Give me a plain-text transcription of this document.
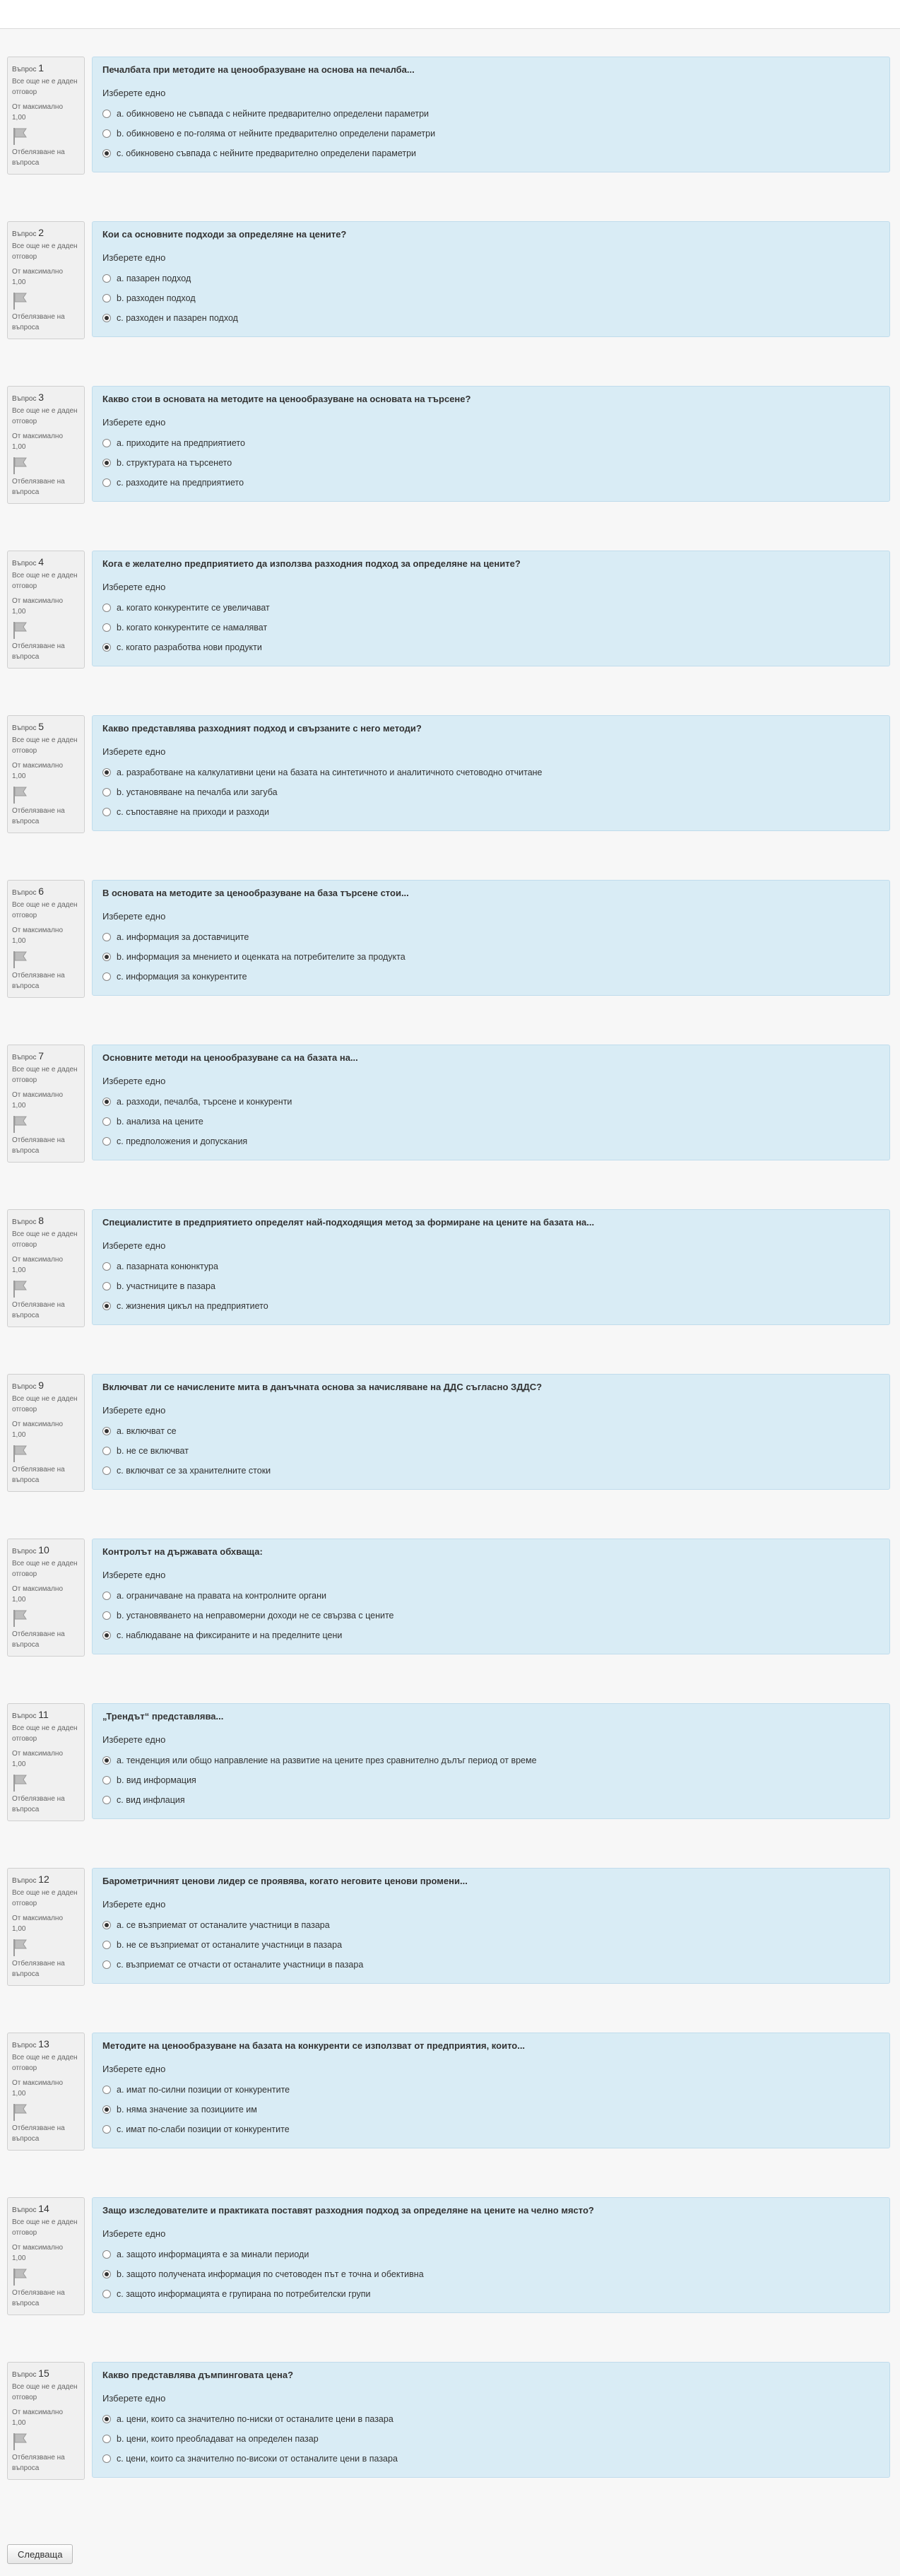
Въпрос 1
Все още не е даден отговор
От максимално
1,00
Отбелязване на въпроса
Печалбата при методите на ценообразуване на основа на печалба...
Изберете едно
a. обикновено не съвпада с нейните предварително определени параметри
b. обикновено е по-голяма от нейните предварително определени параметри
c. обикновено съвпада с нейните предварително определени параметри
Въпрос 2
Все още не е даден отговор
От максимално
1,00
Отбелязване на въпроса
Кои са основните подходи за определяне на цените?
Изберете едно
a. пазарен подход
b. разходен подход
c. разходен и пазарен подход
Въпрос 3
Все още не е даден отговор
От максимално
1,00
Отбелязване на въпроса
Какво стои в основата на методите на ценообразуване на основата на търсене?
Изберете едно
a. приходите на предприятието
b. структурата на търсенето
c. разходите на предприятието
Въпрос 4
Все още не е даден отговор
От максимално
1,00
Отбелязване на въпроса
Кога е желателно предприятието да използва разходния подход за определяне на цените?
Изберете едно
a. когато конкурентите се увеличават
b. когато конкурентите се намаляват
c. когато разработва нови продукти
Въпрос 5
Все още не е даден отговор
От максимално
1,00
Отбелязване на въпроса
Какво представлява разходният подход и свързаните с него методи?
Изберете едно
a. разработване на калкулативни цени на базата на синтетичното и аналитичното счетоводно отчитане
b. установяване на печалба или загуба
c. съпоставяне на приходи и разходи
Въпрос 6
Все още не е даден отговор
От максимално
1,00
Отбелязване на въпроса
В основата на методите за ценообразуване на база търсене стои...
Изберете едно
a. информация за доставчиците
b. информация за мнението и оценката на потребителите за продукта
c. информация за конкурентите
Въпрос 7
Все още не е даден отговор
От максимално
1,00
Отбелязване на въпроса
Основните методи на ценообразуване са на базата на...
Изберете едно
a. разходи, печалба, търсене и конкуренти
b. анализа на цените
c. предположения и допускания
Въпрос 8
Все още не е даден отговор
От максимално
1,00
Отбелязване на въпроса
Специалистите в предприятието определят най-подходящия метод за формиране на цените на базата на...
Изберете едно
a. пазарната конюнктура
b. участниците в пазара
c. жизнения цикъл на предприятието
Въпрос 9
Все още не е даден отговор
От максимално
1,00
Отбелязване на въпроса
Включват ли се начислените мита в данъчната основа за начисляване на ДДС съгласно ЗДДС?
Изберете едно
a. включват се
b. не се включват
c. включват се за хранителните стоки
Въпрос 10
Все още не е даден отговор
От максимално
1,00
Отбелязване на въпроса
Контролът на държавата обхваща:
Изберете едно
a. ограничаване на правата на контролните органи
b. установяването на неправомерни доходи не се свързва с цените
c. наблюдаване на фиксираните и на пределните цени
Въпрос 11
Все още не е даден отговор
От максимално
1,00
Отбелязване на въпроса
„Трендът“ представлява...
Изберете едно
a. тенденция или общо направление на развитие на цените през сравнително дълъг период от време
b. вид информация
c. вид инфлация
Въпрос 12
Все още не е даден отговор
От максимално
1,00
Отбелязване на въпроса
Барометричният ценови лидер се проявява, когато неговите ценови промени...
Изберете едно
a. се възприемат от останалите участници в пазара
b. не се възприемат от останалите участници в пазара
c. възприемат се отчасти от останалите участници в пазара
Въпрос 13
Все още не е даден отговор
От максимално
1,00
Отбелязване на въпроса
Методите на ценообразуване на базата на конкуренти се използват от предприятия, които...
Изберете едно
a. имат по-силни позиции от конкурентите
b. няма значение за позициите им
c. имат по-слаби позиции от конкурентите
Въпрос 14
Все още не е даден отговор
От максимално
1,00
Отбелязване на въпроса
Защо изследователите и практиката поставят разходния подход за определяне на цените на челно място?
Изберете едно
a. защото информацията е за минали периоди
b. защото получената информация по счетоводен път е точна и обективна
c. защото информацията е групирана по потребителски групи
Въпрос 15
Все още не е даден отговор
От максимално
1,00
Отбелязване на въпроса
Какво представлява дъмпинговата цена?
Изберете едно
a. цени, които са значително по-ниски от останалите цени в пазара
b. цени, които преобладават на определен пазар
c. цени, които са значително по-високи от останалите цени в пазара
Следваща
